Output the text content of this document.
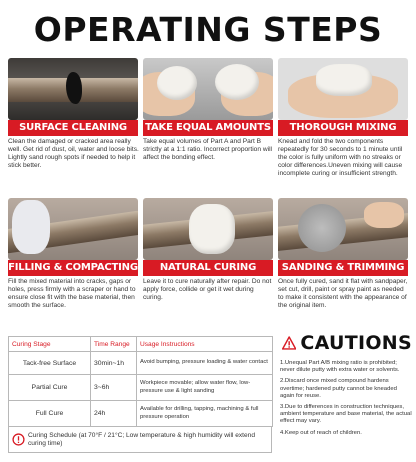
OPERATING STEPS
SURFACE CLEANING
Clean the damaged or cracked area really well. Get rid of dust, oil, water and loose bits. Lightly sand rough spots if needed to help it stick better.
TAKE EQUAL AMOUNTS
Take equal volumes of Part A and Part B strictly at a 1:1 ratio. Incorrect proportion will affect the bonding effect.
THOROUGH MIXING
Knead and fold the two components repeatedly for 30 seconds to 1 minute until the color is fully uniform with no streaks or color differences.Uneven mixing will cause incomplete curing or insufficient strength.
FILLING & COMPACTING
Fill the mixed material into cracks, gaps or holes, press firmly with a scraper or hand to ensure close fit with the base material, then smooth the surface.
NATURAL CURING
Leave it to cure naturally after repair. Do not apply force, collide or get it wet during curing.
SANDING & TRIMMING
Once fully cured, sand it flat with sandpaper, set cut, drill, paint or spray paint as needed to make it consistent with the appearance of the original item.
Curing Stage	Time Range	Usage Instructions
Tack-free Surface	30min~1h	Avoid bumping, pressure loading & water contact
Partial Cure	3~6h	Workpiece movable; allow water flow, low-pressure use & light sanding
Full Cure	24h	Available for drilling, tapping, machining & full pressure operation
Curing Schedule (at 70°F / 21°C; Low temperature & high humidity will extend curing time)
CAUTIONS
1.Unequal Part A/B mixing ratio is prohibited; never dilute putty with extra water or solvents.
2.Discard once mixed compound hardens overtime; hardened putty cannot be kneaded again for reuse.
3.Due to differences in construction techniques, ambient temperature and base material, the actual effect may vary.
4.Keep out of reach of children.
